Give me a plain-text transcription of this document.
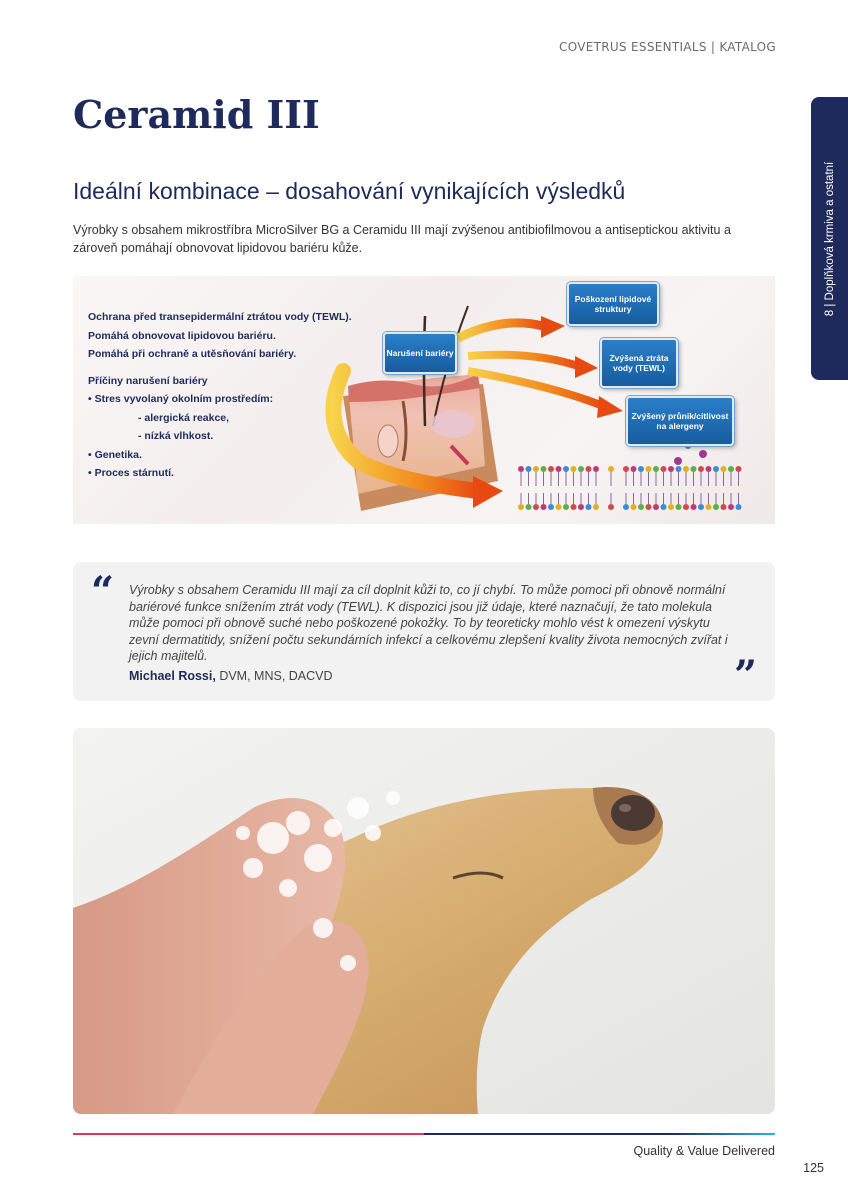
COVETRUS ESSENTIALS | KATALOG
8 | Doplňková krmiva a ostatní
Ceramid III
Ideální kombinace – dosahování vynikajících výsledků

Výrobky s obsahem mikrostříbra MicroSilver BG a Ceramidu III mají zvýšenou antibiofilmovou a antiseptickou aktivitu a zároveň pomáhají obnovovat lipidovou bariéru kůže.

Ochrana před transepidermální ztrátou vody (TEWL).
Pomáhá obnovovat lipidovou bariéru.
Pomáhá při ochraně a utěsňování bariéry.
Příčiny narušení bariéry
• Stres vyvolaný okolním prostředím:
- alergická reakce,
- nízká vlhkost.
• Genetika.
• Proces stárnutí.
Narušení bariéry
Poškození lipidové struktury
Zvýšená ztráta vody (TEWL)
Zvýšený průnik/citlivost na alergeny
“ Výrobky s obsahem Ceramidu III mají za cíl doplnit kůži to, co jí chybí. To může pomoci při obnově normální bariérové funkce snížením ztrát vody (TEWL). K dispozici jsou již údaje, které naznačují, že tato molekula může pomoci při obnově suché nebo poškozené pokožky. To by teoreticky mohlo vést k omezení výskytu zevní dermatitidy, snížení počtu sekundárních infekcí a celkovému zlepšení kvality života nemocných zvířat i jejich majitelů.

Michael Rossi, DVM, MNS, DACVD	”
Quality & Value Delivered
125
